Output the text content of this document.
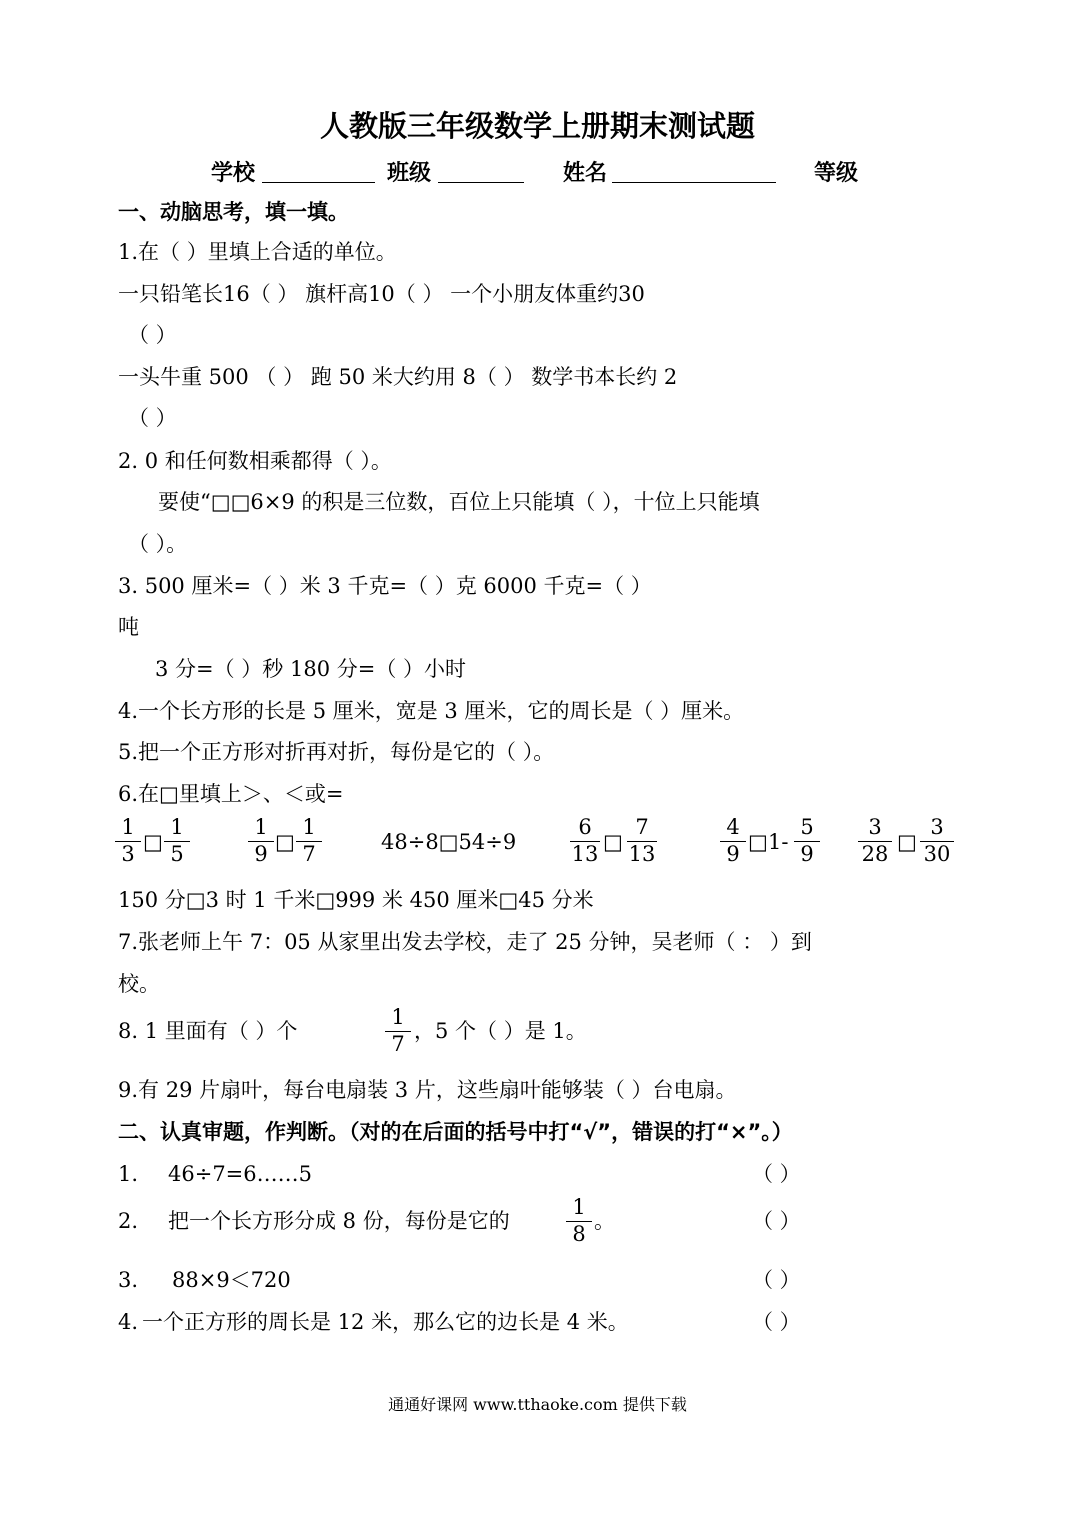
人教版三年级数学上册期末测试题
学校	班级	姓名	等级
一、动脑思考，填一填。
1.在（ ）里填上合适的单位。
一只铅笔长16（ ） 旗杆高10（ ） 一个小朋友体重约30
（ ）
一头牛重 500 （ ） 跑 50 米大约用 8（ ） 数学书本长约 2
（ ）
2. 0 和任何数相乘都得（ ）。
要使“□□6×9 的积是三位数，百位上只能填（ ），十位上只能填
（ ）。
3. 500 厘米=（ ）米 3 千克=（ ）克 6000 千克=（ ）
吨
3 分=（ ）秒 180 分=（ ）小时
4.一个长方形的长是 5 厘米，宽是 3 厘米，它的周长是（ ）厘米。
5.把一个正方形对折再对折，每份是它的（ ）。
6.在□里填上＞、＜或=
1
3 □
1
5
1
9 □
1
7	48÷8□54÷9
6
13 □
7
13
4
9 □ 1-
5
9
3
28 □
3
30
150 分□3 时 1 千米□999 米 450 厘米□45 分米
7.张老师上午 7：05 从家里出发去学校，走了 25 分钟，吴老师（ ： ）到
校。
8. 1 里面有（ ）个
1
7
，5 个（ ）是 1。
9.有 29 片扇叶，每台电扇装 3 片，这些扇叶能够装（ ）台电扇。
二、认真审题，作判断。（对的在后面的括号中打“√”，错误的打“×”。）
1. 46÷7=6……5	（ ）
2. 把一个长方形分成 8 份，每份是它的
1
8
。	（ ）
3. 88×9＜720	（ ）
4. 一个正方形的周长是 12 米，那么它的边长是 4 米。	（ ）
通通好课网 www.tthaoke.com 提供下载
